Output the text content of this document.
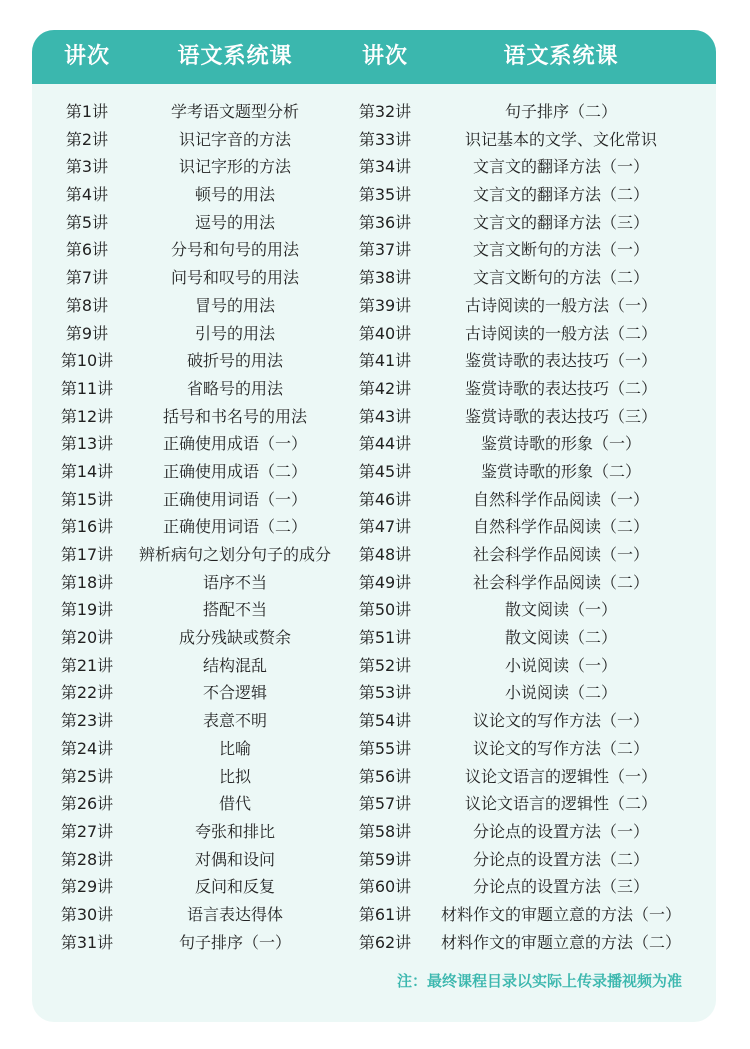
讲次	语文系统课	讲次	语文系统课
第1讲	学考语文题型分析	第32讲	句子排序（二）
第2讲	识记字音的方法	第33讲	识记基本的文学、文化常识
第3讲	识记字形的方法	第34讲	文言文的翻译方法（一）
第4讲	顿号的用法	第35讲	文言文的翻译方法（二）
第5讲	逗号的用法	第36讲	文言文的翻译方法（三）
第6讲	分号和句号的用法	第37讲	文言文断句的方法（一）
第7讲	问号和叹号的用法	第38讲	文言文断句的方法（二）
第8讲	冒号的用法	第39讲	古诗阅读的一般方法（一）
第9讲	引号的用法	第40讲	古诗阅读的一般方法（二）
第10讲	破折号的用法	第41讲	鉴赏诗歌的表达技巧（一）
第11讲	省略号的用法	第42讲	鉴赏诗歌的表达技巧（二）
第12讲	括号和书名号的用法	第43讲	鉴赏诗歌的表达技巧（三）
第13讲	正确使用成语（一）	第44讲	鉴赏诗歌的形象（一）
第14讲	正确使用成语（二）	第45讲	鉴赏诗歌的形象（二）
第15讲	正确使用词语（一）	第46讲	自然科学作品阅读（一）
第16讲	正确使用词语（二）	第47讲	自然科学作品阅读（二）
第17讲	辨析病句之划分句子的成分	第48讲	社会科学作品阅读（一）
第18讲	语序不当	第49讲	社会科学作品阅读（二）
第19讲	搭配不当	第50讲	散文阅读（一）
第20讲	成分残缺或赘余	第51讲	散文阅读（二）
第21讲	结构混乱	第52讲	小说阅读（一）
第22讲	不合逻辑	第53讲	小说阅读（二）
第23讲	表意不明	第54讲	议论文的写作方法（一）
第24讲	比喻	第55讲	议论文的写作方法（二）
第25讲	比拟	第56讲	议论文语言的逻辑性（一）
第26讲	借代	第57讲	议论文语言的逻辑性（二）
第27讲	夸张和排比	第58讲	分论点的设置方法（一）
第28讲	对偶和设问	第59讲	分论点的设置方法（二）
第29讲	反问和反复	第60讲	分论点的设置方法（三）
第30讲	语言表达得体	第61讲	材料作文的审题立意的方法（一）
第31讲	句子排序（一）	第62讲	材料作文的审题立意的方法（二）
注：最终课程目录以实际上传录播视频为准
